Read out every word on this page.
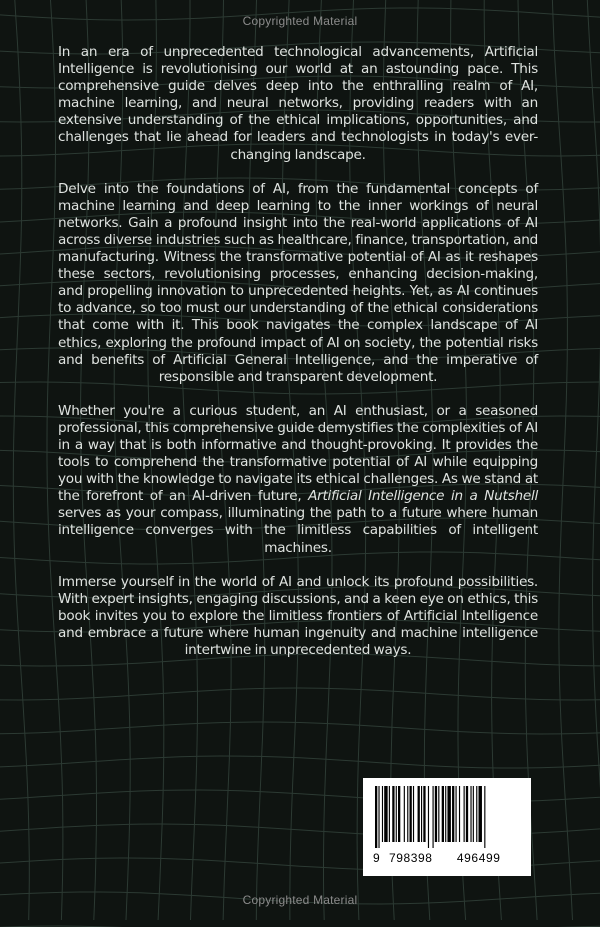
Copyrighted Material

In an era of unprecedented technological advancements, Artificial Intelligence is revolutionising our world at an astounding pace. This comprehensive guide delves deep into the enthralling realm of AI, machine learning, and neural networks, providing readers with an extensive understanding of the ethical implications, opportunities, and challenges that lie ahead for leaders and technologists in today's ever-changing landscape.

Delve into the foundations of AI, from the fundamental concepts of machine learning and deep learning to the inner workings of neural networks. Gain a profound insight into the real-world applications of AI across diverse industries such as healthcare, finance, transportation, and manufacturing. Witness the transformative potential of AI as it reshapes these sectors, revolutionising processes, enhancing decision-making, and propelling innovation to unprecedented heights. Yet, as AI continues to advance, so too must our understanding of the ethical considerations that come with it. This book navigates the complex landscape of AI ethics, exploring the profound impact of AI on society, the potential risks and benefits of Artificial General Intelligence, and the imperative of responsible and transparent development.

Whether you're a curious student, an AI enthusiast, or a seasoned professional, this comprehensive guide demystifies the complexities of AI in a way that is both informative and thought-provoking. It provides the tools to comprehend the transformative potential of AI while equipping you with the knowledge to navigate its ethical challenges. As we stand at the forefront of an AI-driven future, Artificial Intelligence in a Nutshell serves as your compass, illuminating the path to a future where human intelligence converges with the limitless capabilities of intelligent machines.

Immerse yourself in the world of AI and unlock its profound possibilities. With expert insights, engaging discussions, and a keen eye on ethics, this book invites you to explore the limitless frontiers of Artificial Intelligence and embrace a future where human ingenuity and machine intelligence intertwine in unprecedented ways.

9 798398 496499
Copyrighted Material
